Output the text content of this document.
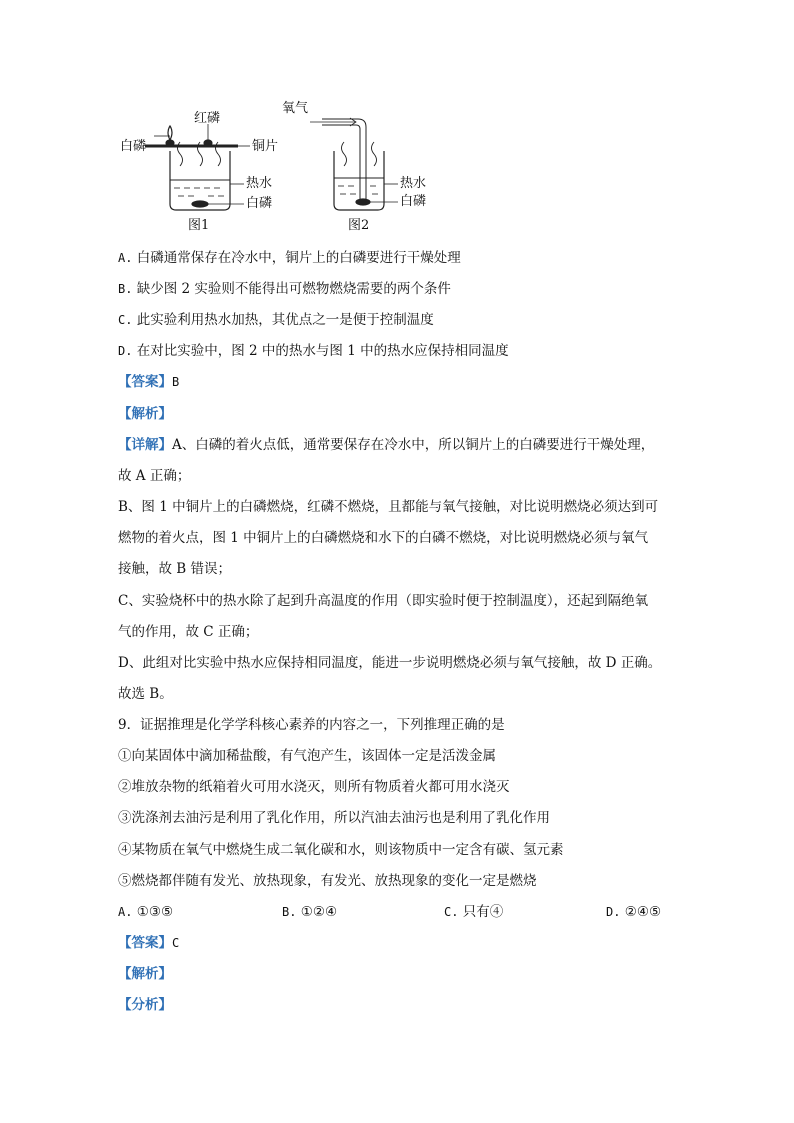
白磷
红磷
铜片
热水
白磷
图1
氧气
热水
白磷
图2
A. 白磷通常保存在冷水中，铜片上的白磷要进行干燥处理
B. 缺少图 2 实验则不能得出可燃物燃烧需要的两个条件
C. 此实验利用热水加热，其优点之一是便于控制温度
D. 在对比实验中，图 2 中的热水与图 1 中的热水应保持相同温度
【答案】B
【解析】
【详解】A、白磷的着火点低，通常要保存在冷水中，所以铜片上的白磷要进行干燥处理，
故 A 正确；
B、图 1 中铜片上的白磷燃烧，红磷不燃烧，且都能与氧气接触，对比说明燃烧必须达到可
燃物的着火点，图 1 中铜片上的白磷燃烧和水下的白磷不燃烧，对比说明燃烧必须与氧气
接触，故 B 错误；
C、实验烧杯中的热水除了起到升高温度的作用（即实验时便于控制温度），还起到隔绝氧
气的作用，故 C 正确；
D、此组对比实验中热水应保持相同温度，能进一步说明燃烧必须与氧气接触，故 D 正确。
故选 B。
9．证据推理是化学学科核心素养的内容之一，下列推理正确的是
①向某固体中滴加稀盐酸，有气泡产生，该固体一定是活泼金属
②堆放杂物的纸箱着火可用水浇灭，则所有物质着火都可用水浇灭
③洗涤剂去油污是利用了乳化作用，所以汽油去油污也是利用了乳化作用
④某物质在氧气中燃烧生成二氧化碳和水，则该物质中一定含有碳、氢元素
⑤燃烧都伴随有发光、放热现象，有发光、放热现象的变化一定是燃烧
A. ①③⑤	B. ①②④	C. 只有④	D. ②④⑤
【答案】C
【解析】
【分析】
